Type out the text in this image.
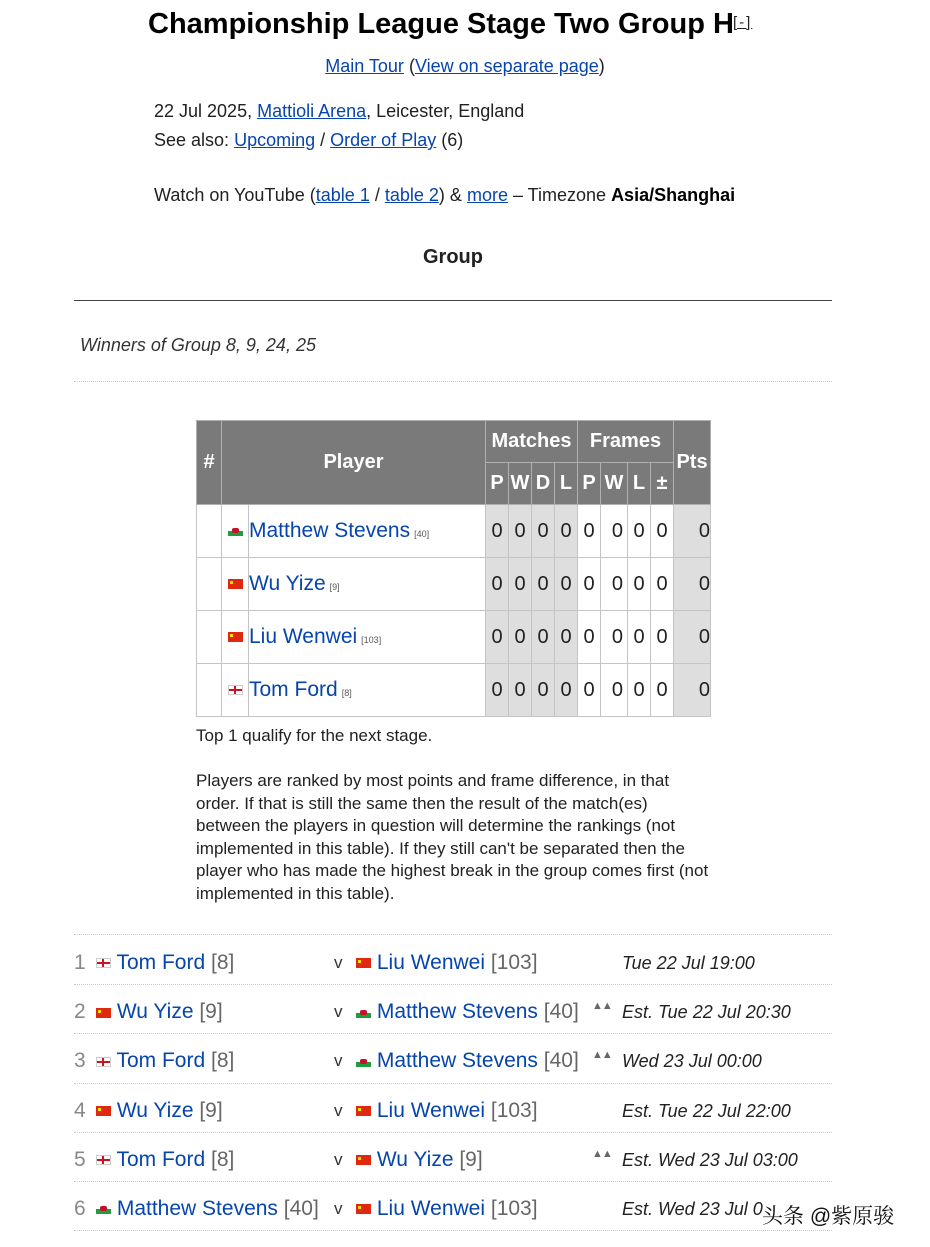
Championship League Stage Two Group H [-]
Main Tour (View on separate page)
22 Jul 2025, Mattioli Arena, Leicester, England
See also: Upcoming / Order of Play (6)
Watch on YouTube (table 1 / table 2) & more – Timezone Asia/Shanghai
Group
Winners of Group 8, 9, 24, 25
#	Player		Matches				Frames				Pts
			P	W	D	L	P	W	L	±	
		Matthew Stevens [40]	0	0	0	0	0	0	0	0	0
		Wu Yize [9]	0	0	0	0	0	0	0	0	0
		Liu Wenwei [103]	0	0	0	0	0	0	0	0	0
		Tom Ford [8]	0	0	0	0	0	0	0	0	0
Top 1 qualify for the next stage.
Players are ranked by most points and frame difference, in that order. If that is still the same then the result of the match(es) between the players in question will determine the rankings (not implemented in this table). If they still can't be separated then the player who has made the highest break in the group comes first (not implemented in this table).
1	Tom Ford [8]	v	Liu Wenwei [103]	Tue 22 Jul 19:00
2	Wu Yize [9]	v	Matthew Stevens [40] ▲▲ Est. Tue 22 Jul 20:30
3	Tom Ford [8]	v	Matthew Stevens [40] ▲▲ Wed 23 Jul 00:00
4	Wu Yize [9]	v	Liu Wenwei [103]	Est. Tue 22 Jul 22:00
5	Tom Ford [8]	v	Wu Yize [9]	▲▲ Est. Wed 23 Jul 03:00
6	Matthew Stevens [40] v	Liu Wenwei [103]	Est. Wed 23 Jul 0 头条 @紫原骏
